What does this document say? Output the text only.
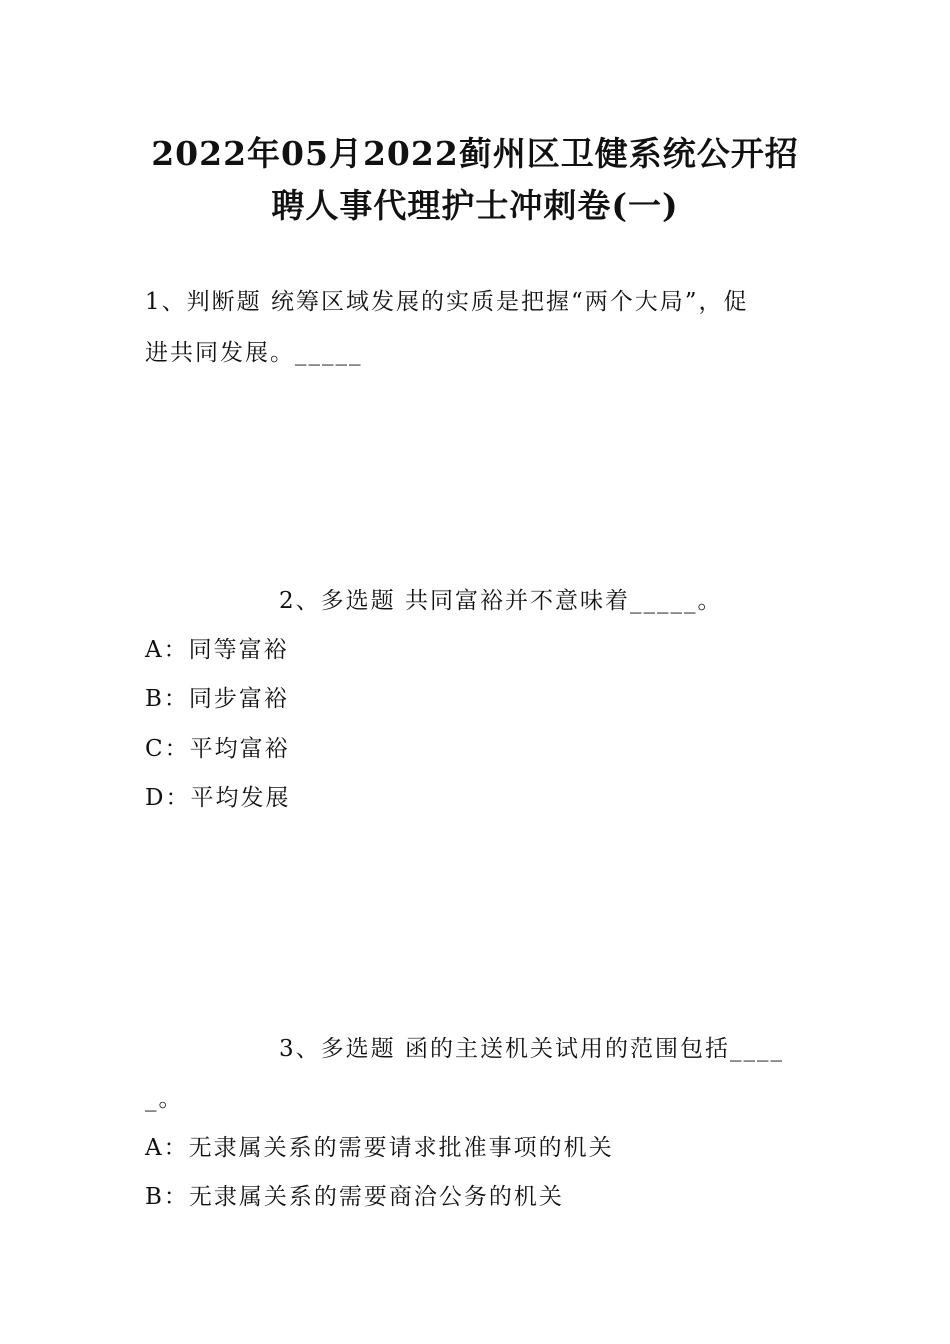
2022年05月2022蓟州区卫健系统公开招
聘人事代理护士冲刺卷(一)
1、判断题 统筹区域发展的实质是把握“两个大局”，促
进共同发展。_____
2、多选题 共同富裕并不意味着_____。
A：同等富裕
B：同步富裕
C：平均富裕
D：平均发展
3、多选题 函的主送机关试用的范围包括____
_。
A：无隶属关系的需要请求批准事项的机关
B：无隶属关系的需要商洽公务的机关
